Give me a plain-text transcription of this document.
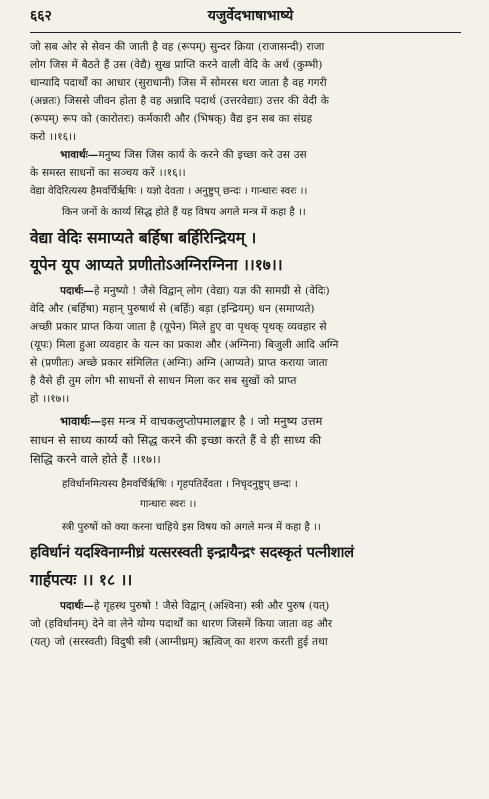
६६२	यजुर्वेदभाषाभाष्ये

जो सब ओर से सेवन की जाती है वह (रूपम्) सुन्दर क्रिया (राजासन्दी) राजा

लोग जिस में बैठते हैं उस (वेद्यै) सुख प्राप्ति करने वाली वेदि के अर्थ (कुम्भी)

धान्यादि पदार्थों का आधार (सुराधानी) जिस में सोमरस धरा जाता है वह गगरी

(अन्नतः) जिससे जीवन होता है वह अन्नादि पदार्थ (उत्तरवेद्याः) उत्तर की वेदी के

(रूपम्) रूप को (कारोतरः) कर्मकारी और (भिषक्) वैद्य इन सब का संग्रह

करो ।।१६।।

भावार्थः—मनुष्य जिस जिस कार्य के करने की इच्छा करे उस उस

के समस्त साधनों का सञ्चय करें ।।१६।।

वेद्या वेदिरित्यस्य हैमवर्चिर्ऋषिः । यज्ञो देवता । अनुष्टुप् छन्दः । गान्धारः स्वरः ।।
किन जनों के कार्य्य सिद्ध होते हैं यह विषय अगले मन्त्र में कहा है ।।

वेद्या वेदिः समाप्यते बर्हिषा बर्हिरिन्द्रियम् ।

यूपेन यूप आप्यते प्रणीतोऽअग्निरग्निना ।।१७।।

पदार्थः—हे मनुष्यो ! जैसे विद्वान् लोग (वेद्या) यज्ञ की सामग्री से (वेदिः)

वेदि और (बर्हिषा) महान् पुरुषार्थ से (बर्हिः) बड़ा (इन्द्रियम्) धन (समाप्यते)

अच्छी प्रकार प्राप्त किया जाता है (यूपेन) मिले हुए वा पृथक् पृथक् व्यवहार से

(यूपः) मिला हुआ व्यवहार के यत्न का प्रकाश और (अग्निना) बिजुली आदि अग्नि

से (प्रणीतः) अच्छे प्रकार संमिलित (अग्निः) अग्नि (आप्यते) प्राप्त कराया जाता

है वैसे ही तुम लोग भी साधनों से साधन मिला कर सब सुखों को प्राप्त

हो ।।१७।।

भावार्थः—इस मन्त्र में वाचकलुप्तोपमालङ्कार है । जो मनुष्य उत्तम

साधन से साध्य कार्य्य को सिद्ध करने की इच्छा करते हैं वे ही साध्य की

सिद्धि करने वाले होते हैं ।।१७।।

हविर्धानमित्यस्य हैमवर्चिर्ऋषिः । गृहपतिर्देवता । निचृदनुष्टुप् छन्दः ।
गान्धारः स्वरः ।।
स्त्री पुरुषों को क्या करना चाहिये इस विषय को अगले मन्त्र में कहा है ।।

हविर्धानं यदश्विनाग्नीध्रं यत्सरस्वती इन्द्रायैन्द्रꣳ सदस्कृतं पत्नीशालं

गार्हपत्यः ।। १८ ।।

पदार्थः—हे गृहस्थ पुरुषो ! जैसे विद्वान् (अश्विना) स्त्री और पुरुष (यत्)

जो (हविर्धानम्) देने वा लेने योग्य पदार्थों का धारण जिसमें किया जाता वह और

(यत्) जो (सरस्वती) विदुषी स्त्री (आग्नीध्रम्) ऋत्विज् का शरण करती हुई तथा
